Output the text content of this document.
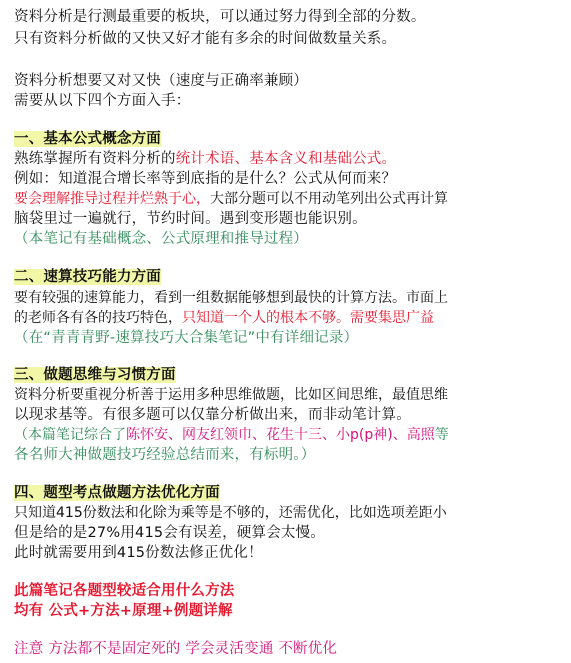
资料分析是行测最重要的板块，可以通过努力得到全部的分数。
只有资料分析做的又快又好才能有多余的时间做数量关系。
资料分析想要又对又快（速度与正确率兼顾）
需要从以下四个方面入手：
一、基本公式概念方面
熟练掌握所有资料分析的统计术语、基本含义和基础公式。
例如：知道混合增长率等到底指的是什么？公式从何而来？
要会理解推导过程并烂熟于心，大部分题可以不用动笔列出公式再计算
脑袋里过一遍就行，节约时间。遇到变形题也能识别。
（本笔记有基础概念、公式原理和推导过程）
二、速算技巧能力方面
要有较强的速算能力，看到一组数据能够想到最快的计算方法。市面上
的老师各有各的技巧特色，只知道一个人的根本不够。需要集思广益
（在“青青青野-速算技巧大合集笔记”中有详细记录）
三、做题思维与习惯方面
资料分析要重视分析善于运用多种思维做题，比如区间思维，最值思维
以现求基等。有很多题可以仅靠分析做出来，而非动笔计算。
（本篇笔记综合了陈怀安、网友红领巾、花生十三、小p(p神)、高照等
各名师大神做题技巧经验总结而来，有标明。）
四、题型考点做题方法优化方面
只知道415份数法和化除为乘等是不够的，还需优化，比如选项差距小
但是给的是27%用415会有误差，硬算会太慢。
此时就需要用到415份数法修正优化！
此篇笔记各题型较适合用什么方法
均有 公式+方法+原理+例题详解
注意 方法都不是固定死的 学会灵活变通 不断优化
